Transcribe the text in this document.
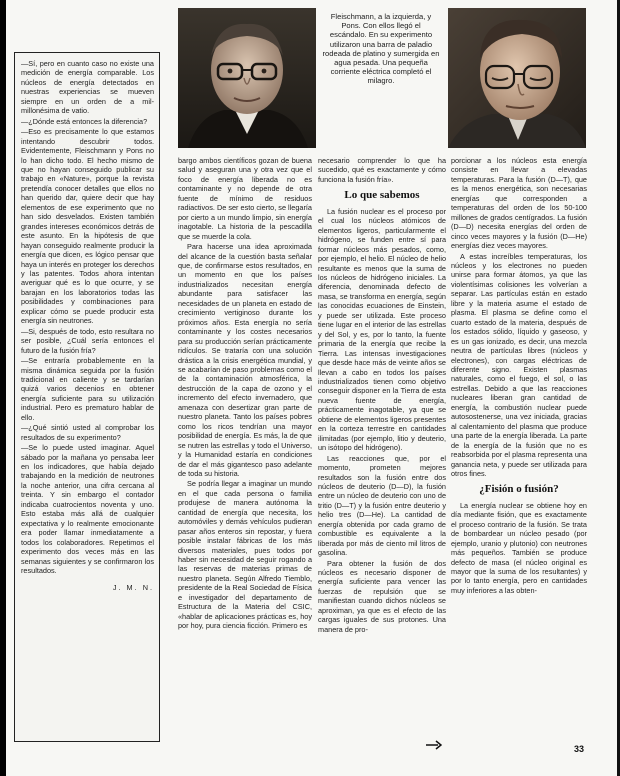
—Sí, pero en cuanto caso no existe una medición de energía comparable. Los núcleos de energía detectados en nuestras experiencias se mueven siempre en un orden de a mil-millonésima de vatio.

—¿Dónde está entonces la diferencia?

—Eso es precisamente lo que estamos intentando descubrir todos. Evidentemente, Fleischmann y Pons no lo han dicho todo. El hecho mismo de que no hayan conseguido publicar su trabajo en «Nature», porque la revista pretendía conocer detalles que ellos no han querido dar, quiere decir que hay elementos de ese experimento que no han sido desvelados. Existen también grandes intereses económicos detrás de este asunto. En la hipótesis de que hayan conseguido realmente producir la energía que dicen, es lógico pensar que haya un interés en proteger los derechos y las patentes. Todos ahora intentan averiguar qué es lo que ocurre, y se barajan en los laboratorios todas las posibilidades y combinaciones para explicar cómo se puede producir esta energía sin neutrones.

—Si, después de todo, esto resultara no ser posible, ¿Cuál sería entonces el futuro de la fusión fría?

—Se entraría probablemente en la misma dinámica seguida por la fusión tradicional en caliente y se tardarían quizá varios decenios en obtener energía suficiente para su utilización industrial. Pero es prematuro hablar de ello.

—¿Qué sintió usted al comprobar los resultados de su experimento?

—Se lo puede usted imaginar. Aquel sábado por la mañana yo pensaba leer en los indicadores, que había dejado trabajando en la medición de neutrones la noche anterior, una cifra cercana al treinta. Y sin embargo el contador indicaba cuatrocientos noventa y uno. Esto estaba más allá de cualquier expectativa y lo realmente emocionante era poder llamar inmediatamente a todos los colaboradores. Repetimos el experimento dos veces más en las semanas siguientes y se confirmaron los resultados.

J. M. N.

Fleischmann, a la izquierda, y Pons. Con ellos llegó el escándalo. En su experimento utilizaron una barra de paladio rodeada de platino y sumergida en agua pesada. Una pequeña corriente eléctrica completó el milagro.

bargo ambos científicos gozan de buena salud y aseguran una y otra vez que el foco de energía liberada no es contaminante y no depende de otra fuente de mínimo de residuos radiactivos. De ser esto cierto, se llegaría por cierto a un mundo limpio, sin energía inagotable. La historia de la pescadilla que se muerde la cola.

Para hacerse una idea aproximada del alcance de la cuestión basta señalar que, de confirmarse estos resultados, en un momento en que los países industrializados necesitan energía abundante para satisfacer las necesidades de un planeta en estado de crecimiento vertiginoso durante los próximos años. Esta energía no sería contaminante y los costes necesarios para su producción serían prácticamente ridículos. Se trataría con una solución drástica a la crisis energética mundial, y se acabarían de paso problemas como el de la contaminación atmosférica, la destrucción de la capa de ozono y el incremento del efecto invernadero, que amenaza con desertizar gran parte de nuestro planeta. Tanto los países pobres como los ricos tendrían una mayor posibilidad de energía. Es más, la de que se nutren las estrellas y todo el Universo, y la Humanidad estaría en condiciones de dar el más gigantesco paso adelante de toda su historia.

Se podría llegar a imaginar un mundo en el que cada persona o familia produjese de manera autónoma la cantidad de energía que necesita, los automóviles y demás vehículos pudieran pasar años enteros sin repostar, y fuera posible instalar fábricas de los más diversos materiales, pues todos por haber sin necesidad de seguir rogando a las reservas de materias primas de nuestro planeta. Según Alfredo Tiemblo, presidente de la Real Sociedad de Física e investigador del departamento de Estructura de la Materia del CSIC, «hablar de aplicaciones prácticas es, hoy por hoy, pura ciencia ficción. Primero es

necesario comprender lo que ha sucedido, qué es exactamente y cómo funciona la fusión fría».

Lo que sabemos

La fusión nuclear es el proceso por el cual los núcleos atómicos de elementos ligeros, particularmente el hidrógeno, se funden entre sí para formar núcleos más pesados, como, por ejemplo, el helio. El núcleo de helio resultante es menos que la suma de los núcleos de hidrógeno iniciales. La diferencia, denominada defecto de masa, se transforma en energía, según las conocidas ecuaciones de Einstein, y puede ser utilizada. Este proceso tiene lugar en el interior de las estrellas y del Sol, y es, por lo tanto, la fuente primaria de la energía que recibe la Tierra. Las intensas investigaciones que desde hace más de veinte años se llevan a cabo en todos los países industrializados tienen como objetivo conseguir disponer en la Tierra de esta nueva fuente de energía, prácticamente inagotable, ya que se obtiene de elementos ligeros presentes en la corteza terrestre en cantidades ilimitadas (por ejemplo, litio y deuterio, un isótopo del hidrógeno).

Las reacciones que, por el momento, prometen mejores resultados son la fusión entre dos núcleos de deuterio (D—D), la fusión entre un núcleo de deuterio con uno de tritio (D—T) y la fusión entre deuterio y helio tres (D—He). La cantidad de energía obtenida por cada gramo de combustible es equivalente a la liberada por más de ciento mil litros de gasolina.

Para obtener la fusión de dos núcleos es necesario disponer de energía suficiente para vencer las fuerzas de repulsión que se manifiestan cuando dichos núcleos se aproximan, ya que es el efecto de las cargas iguales de sus protones. Una manera de pro-

porcionar a los núcleos esta energía consiste en llevar a elevadas temperaturas. Para la fusión (D—T), que es la menos energética, son necesarias energías que corresponden a temperaturas del orden de los 50-100 millones de grados centígrados. La fusión (D—D) necesita energías del orden de cinco veces mayores y la fusión (D—He) energías diez veces mayores.

A estas increíbles temperaturas, los núcleos y los electrones no pueden unirse para formar átomos, ya que las violentísimas colisiones les volverían a separar. Las partículas están en estado libre y la materia asume el estado de plasma. El plasma se define como el cuarto estado de la materia, después de los estados sólido, líquido y gaseoso, y es un gas ionizado, es decir, una mezcla neutra de partículas libres (núcleos y electrones), con cargas eléctricas de diferente signo. Existen plasmas naturales, como el fuego, el sol, o las estrellas. Debido a que las reacciones nucleares liberan gran cantidad de energía, la combustión nuclear puede autosostenerse, una vez iniciada, gracias al calentamiento del plasma que produce una parte de la energía liberada. La parte de la energía de la fusión que no es reabsorbida por el plasma representa una ganancia neta, y puede ser utilizada para otros fines.

¿Fisión o fusión?

La energía nuclear se obtiene hoy en día mediante fisión, que es exactamente el proceso contrario de la fusión. Se trata de bombardear un núcleo pesado (por ejemplo, uranio y plutonio) con neutrones más pequeños. También se produce defecto de masa (el núcleo original es mayor que la suma de los resultantes) y por lo tanto energía, pero en cantidades muy inferiores a las obten-

33
